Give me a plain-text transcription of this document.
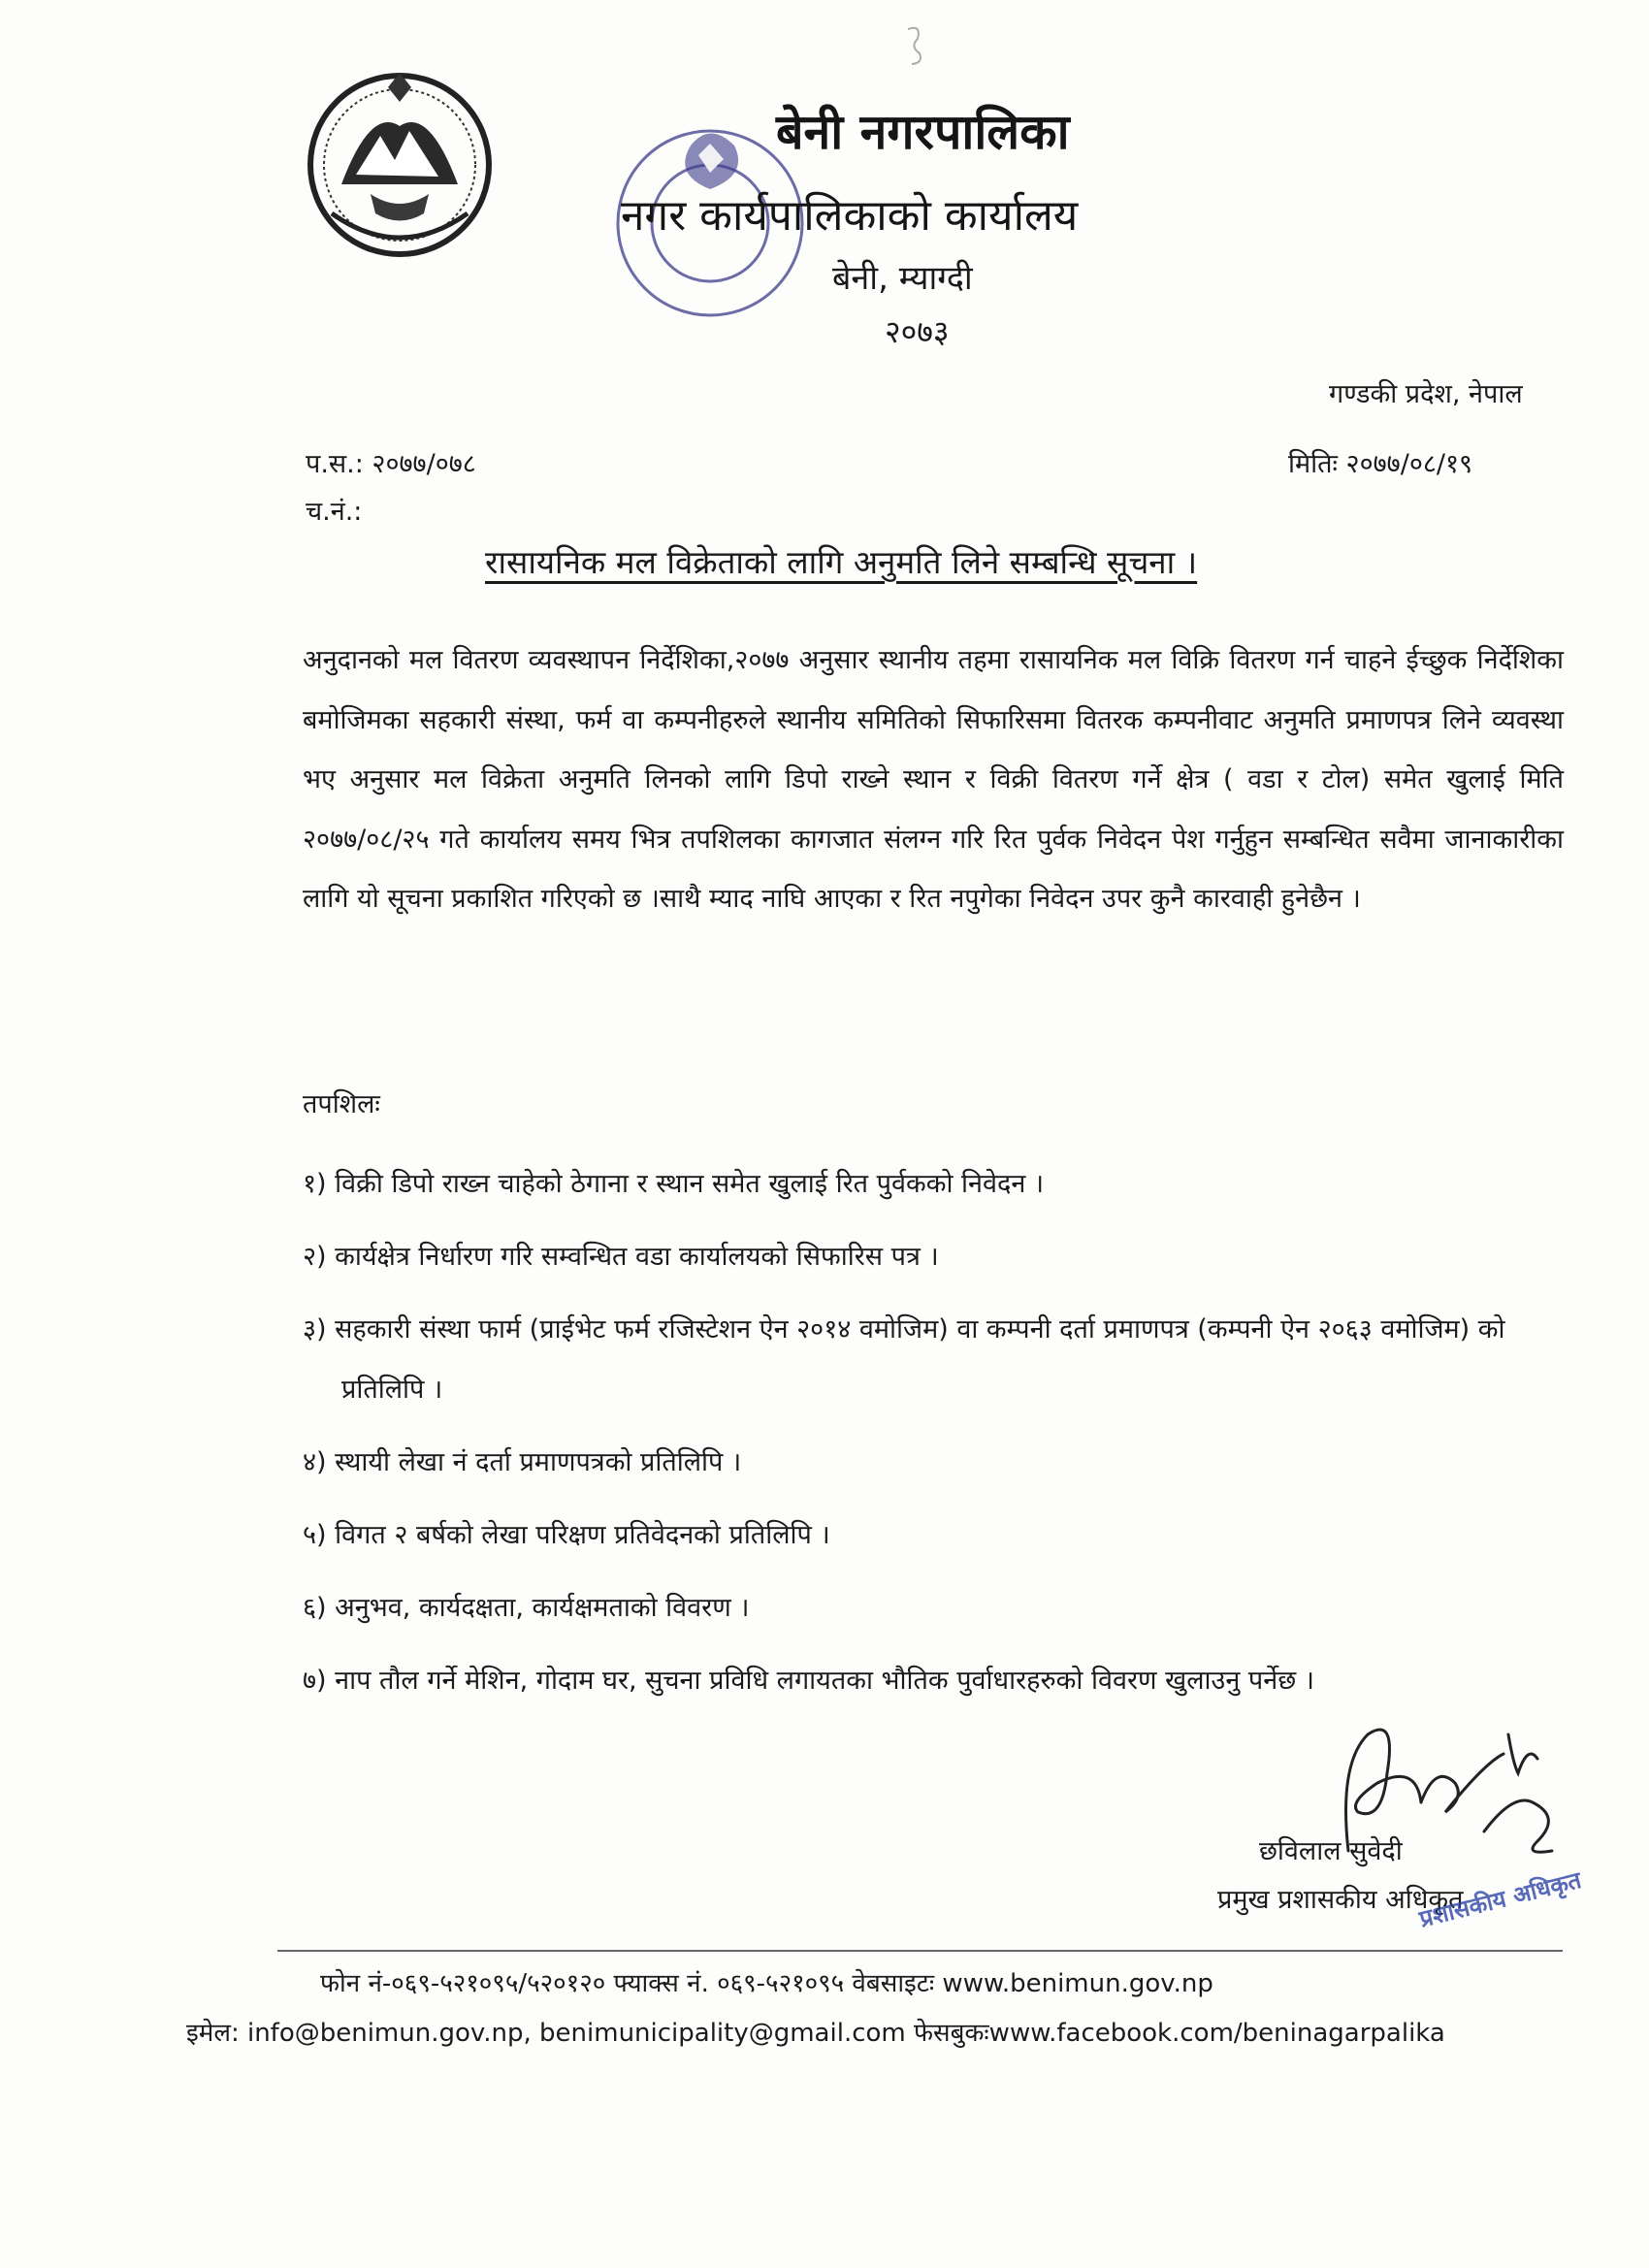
बेनी नगरपालिका
नगर कार्यपालिकाको कार्यालय
बेनी, म्याग्दी
२०७३
गण्डकी प्रदेश, नेपाल
प.स.: २०७७/०७८
च.नं.:
मितिः २०७७/०८/१९
रासायनिक मल विक्रेताको लागि अनुमति लिने सम्बन्धि सूचना ।
अनुदानको मल वितरण व्यवस्थापन निर्देशिका,२०७७ अनुसार स्थानीय तहमा रासायनिक मल विक्रि वितरण गर्न चाहने ईच्छुक निर्देशिका बमोजिमका सहकारी संस्था, फर्म वा कम्पनीहरुले स्थानीय समितिको सिफारिसमा वितरक कम्पनीवाट अनुमति प्रमाणपत्र लिने व्यवस्था भए अनुसार मल विक्रेता अनुमति लिनको लागि डिपो राख्ने स्थान र विक्री वितरण गर्ने क्षेत्र ( वडा र टोल) समेत खुलाई मिति २०७७/०८/२५ गते कार्यालय समय भित्र तपशिलका कागजात संलग्न गरि रित पुर्वक निवेदन पेश गर्नुहुन सम्बन्धित सवैमा जानाकारीका लागि यो सूचना प्रकाशित गरिएको छ ।साथै म्याद नाघि आएका र रित नपुगेका निवेदन उपर कुनै कारवाही हुनेछैन ।
तपशिलः
१) विक्री डिपो राख्न चाहेको ठेगाना र स्थान समेत खुलाई रित पुर्वकको निवेदन ।
२) कार्यक्षेत्र निर्धारण गरि सम्वन्धित वडा कार्यालयको सिफारिस पत्र ।
३) सहकारी संस्था फार्म (प्राईभेट फर्म रजिस्टेशन ऐन २०१४ वमोजिम) वा कम्पनी दर्ता प्रमाणपत्र (कम्पनी ऐन २०६३ वमोजिम) को प्रतिलिपि ।
४) स्थायी लेखा नं दर्ता प्रमाणपत्रको प्रतिलिपि ।
५) विगत २ बर्षको लेखा परिक्षण प्रतिवेदनको प्रतिलिपि ।
६) अनुभव, कार्यदक्षता, कार्यक्षमताको विवरण ।
७) नाप तौल गर्ने मेशिन, गोदाम घर, सुचना प्रविधि लगायतका भौतिक पुर्वाधारहरुको विवरण खुलाउनु पर्नेछ ।
छविलाल सुवेदी
प्रमुख प्रशासकीय अधिकृत
प्रशासकीय अधिकृत
फोन नं-०६९-५२१०९५/५२०१२० फ्याक्स नं. ०६९-५२१०९५ वेबसाइटः www.benimun.gov.np
इमेल: info@benimun.gov.np, benimunicipality@gmail.com फेसबुकःwww.facebook.com/beninagarpalika
